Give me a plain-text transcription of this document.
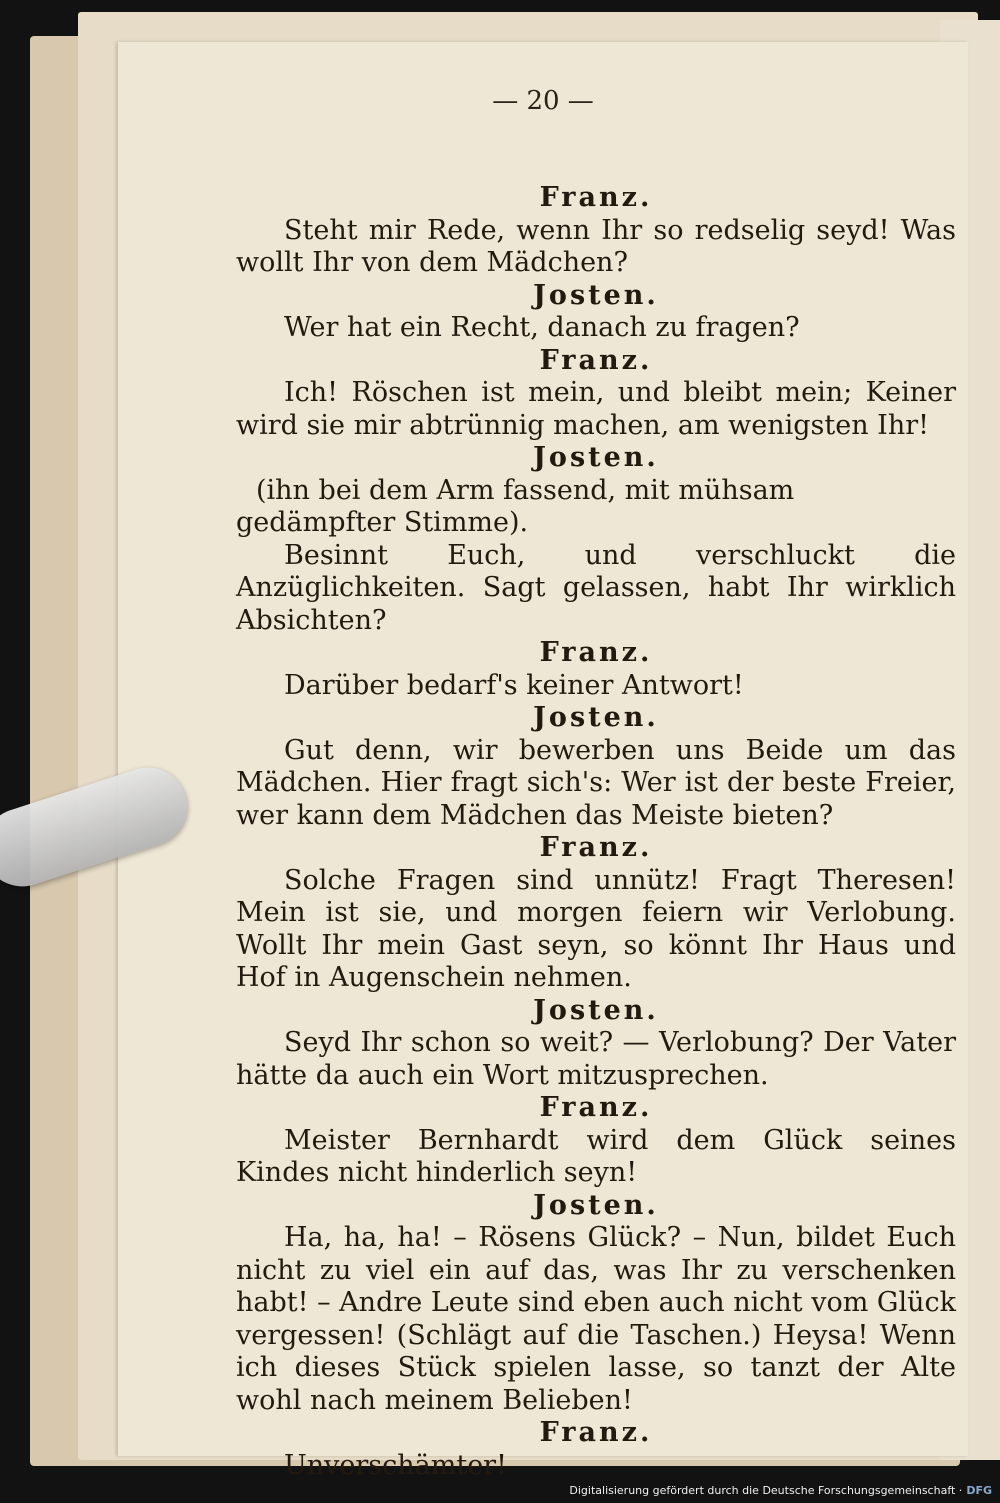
— 20 —
Franz.

Steht mir Rede, wenn Ihr so redselig seyd! Was wollt Ihr von dem Mädchen?

Josten.

Wer hat ein Recht, danach zu fragen?

Franz.

Ich! Röschen ist mein, und bleibt mein; Keiner wird sie mir abtrünnig machen, am wenigsten Ihr!

Josten.

(ihn bei dem Arm fassend, mit mühsam gedämpfter Stimme).

Besinnt Euch, und verschluckt die Anzüglichkeiten. Sagt gelassen, habt Ihr wirklich Absichten?

Franz.

Darüber bedarf's keiner Antwort!

Josten.

Gut denn, wir bewerben uns Beide um das Mädchen. Hier fragt sich's: Wer ist der beste Freier, wer kann dem Mädchen das Meiste bieten?

Franz.

Solche Fragen sind unnütz! Fragt Theresen! Mein ist sie, und morgen feiern wir Verlobung. Wollt Ihr mein Gast seyn, so könnt Ihr Haus und Hof in Augenschein nehmen.

Josten.

Seyd Ihr schon so weit? — Verlobung? Der Vater hätte da auch ein Wort mitzusprechen.

Franz.

Meister Bernhardt wird dem Glück seines Kindes nicht hinderlich seyn!

Josten.

Ha, ha, ha! – Rösens Glück? – Nun, bildet Euch nicht zu viel ein auf das, was Ihr zu verschenken habt! – Andre Leute sind eben auch nicht vom Glück vergessen! (Schlägt auf die Taschen.) Heysa! Wenn ich dieses Stück spielen lasse, so tanzt der Alte wohl nach meinem Belieben!

Franz.

Unverschämter!

Digitalisierung gefördert durch die Deutsche Forschungsgemeinschaft · DFG
